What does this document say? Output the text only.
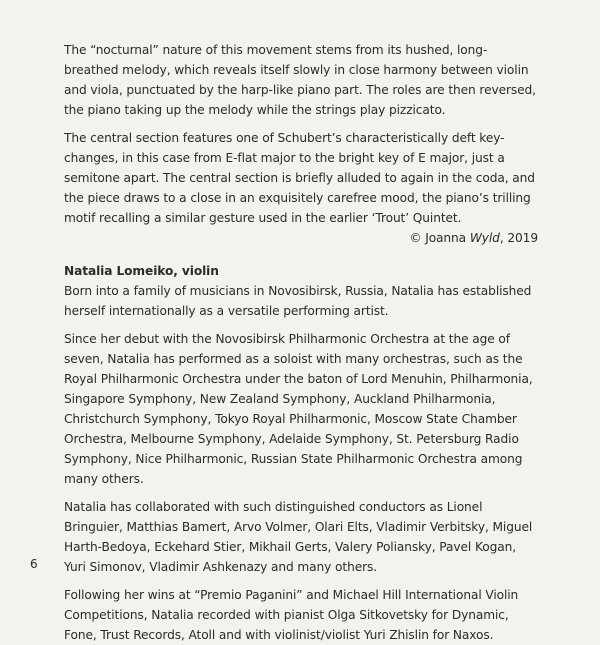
The “nocturnal” nature of this movement stems from its hushed, long-breathed melody, which reveals itself slowly in close harmony between violin and viola, punctuated by the harp-like piano part. The roles are then reversed, the piano taking up the melody while the strings play pizzicato.

The central section features one of Schubert’s characteristically deft key-changes, in this case from E-flat major to the bright key of E major, just a semitone apart. The central section is briefly alluded to again in the coda, and the piece draws to a close in an exquisitely carefree mood, the piano’s trilling motif recalling a similar gesture used in the earlier ‘Trout’ Quintet.

© Joanna Wyld, 2019

Natalia Lomeiko, violin

Born into a family of musicians in Novosibirsk, Russia, Natalia has established herself internationally as a versatile performing artist.

Since her debut with the Novosibirsk Philharmonic Orchestra at the age of seven, Natalia has performed as a soloist with many orchestras, such as the Royal Philharmonic Orchestra under the baton of Lord Menuhin, Philharmonia, Singapore Symphony, New Zealand Symphony, Auckland Philharmonia, Christchurch Symphony, Tokyo Royal Philharmonic, Moscow State Chamber Orchestra, Melbourne Symphony, Adelaide Symphony, St. Petersburg Radio Symphony, Nice Philharmonic, Russian State Philharmonic Orchestra among many others.

Natalia has collaborated with such distinguished conductors as Lionel Bringuier, Matthias Bamert, Arvo Volmer, Olari Elts, Vladimir Verbitsky, Miguel Harth-Bedoya, Eckehard Stier, Mikhail Gerts, Valery Poliansky, Pavel Kogan, Yuri Simonov, Vladimir Ashkenazy and many others.

Following her wins at “Premio Paganini” and Michael Hill International Violin Competitions, Natalia recorded with pianist Olga Sitkovetsky for Dynamic, Fone, Trust Records, Atoll and with violinist/violist Yuri Zhislin for Naxos.

6
